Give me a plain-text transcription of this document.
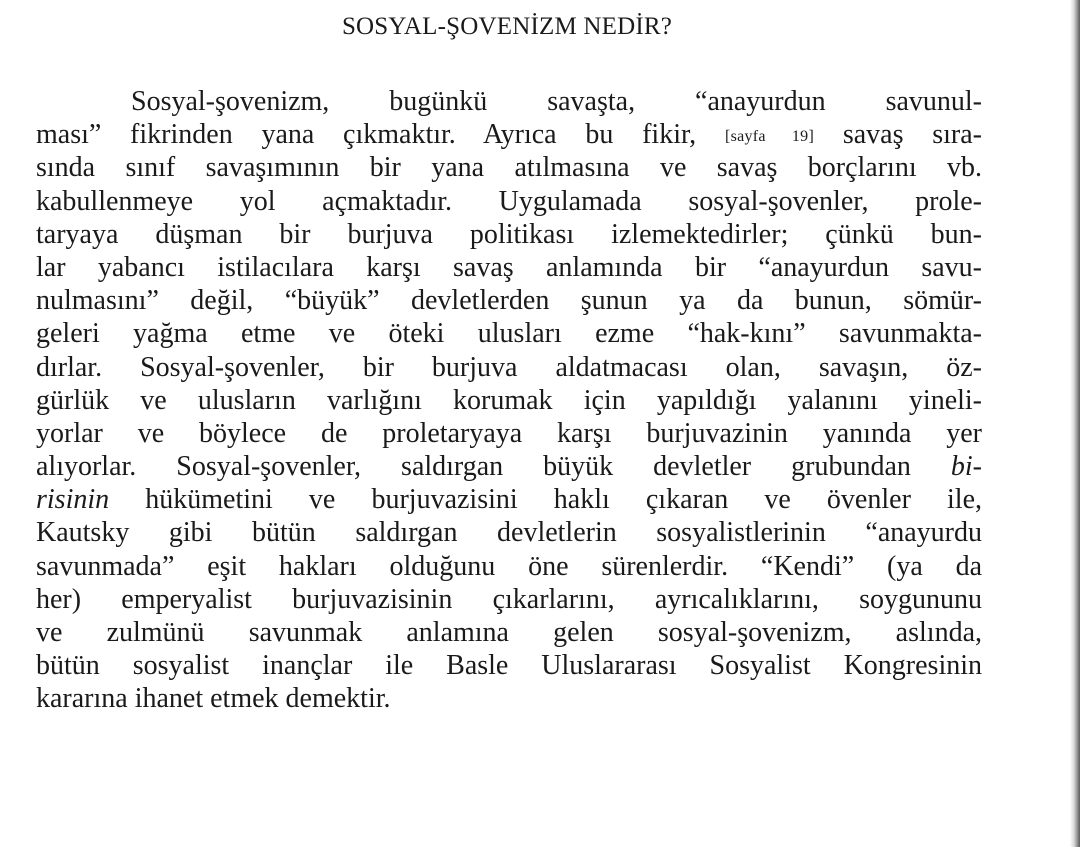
SOSYAL-ŞOVENİZM NEDİR?
Sosyal-şovenizm, bugünkü savaşta, “anayurdun savunul-
ması” fikrinden yana çıkmaktır. Ayrıca bu fikir, [sayfa 19] savaş sıra-
sında sınıf savaşımının bir yana atılmasına ve savaş borçlarını vb.
kabullenmeye yol açmaktadır. Uygulamada sosyal-şovenler, prole-
taryaya düşman bir burjuva politikası izlemektedirler; çünkü bun-
lar yabancı istilacılara karşı savaş anlamında bir “anayurdun savu-
nulmasını” değil, “büyük” devletlerden şunun ya da bunun, sömür-
geleri yağma etme ve öteki ulusları ezme “hak-kını” savunmakta-
dırlar. Sosyal-şovenler, bir burjuva aldatmacası olan, savaşın, öz-
gürlük ve ulusların varlığını korumak için yapıldığı yalanını yineli-
yorlar ve böylece de proletaryaya karşı burjuvazinin yanında yer
alıyorlar. Sosyal-şovenler, saldırgan büyük devletler grubundan bi-
risinin hükümetini ve burjuvazisini haklı çıkaran ve övenler ile,
Kautsky gibi bütün saldırgan devletlerin sosyalistlerinin “anayurdu
savunmada” eşit hakları olduğunu öne sürenlerdir. “Kendi” (ya da
her) emperyalist burjuvazisinin çıkarlarını, ayrıcalıklarını, soygununu
ve zulmünü savunmak anlamına gelen sosyal-şovenizm, aslında,
bütün sosyalist inançlar ile Basle Uluslararası Sosyalist Kongresinin
kararına ihanet etmek demektir.
